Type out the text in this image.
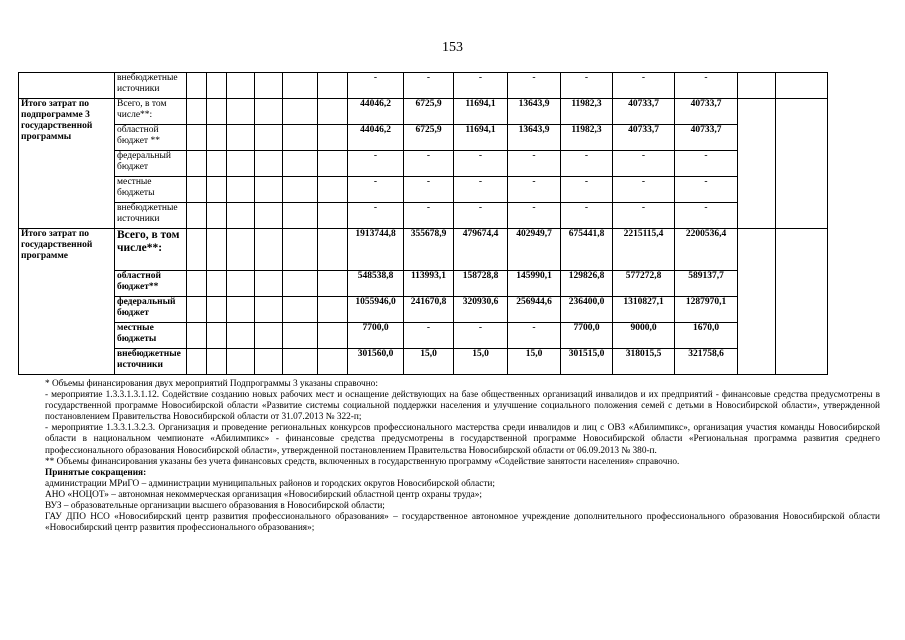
153
	внебюджетные источники							-	-	-	-	-	-	-		
Итого затрат по подпрограмме 3 государственной программы	Всего, в том числе**:							44046,2	6725,9	11694,1	13643,9	11982,3	40733,7	40733,7		
	областной бюджет **							44046,2	6725,9	11694,1	13643,9	11982,3	40733,7	40733,7		
	федеральный бюджет							-	-	-	-	-	-	-		
	местные бюджеты							-	-	-	-	-	-	-		
	внебюджетные источники							-	-	-	-	-	-	-		
Итого затрат по государственной программе	Всего, в том числе**:							1913744,8	355678,9	479674,4	402949,7	675441,8	2215115,4	2200536,4		
	областной бюджет**							548538,8	113993,1	158728,8	145990,1	129826,8	577272,8	589137,7		
	федеральный бюджет							1055946,0	241670,8	320930,6	256944,6	236400,0	1310827,1	1287970,1		
	местные бюджеты							7700,0	-	-	-	7700,0	9000,0	1670,0		
	внебюджетные источники							301560,0	15,0	15,0	15,0	301515,0	318015,5	321758,6		

* Объемы финансирования двух мероприятий Подпрограммы 3 указаны справочно:

- мероприятие 1.3.3.1.3.1.12. Содействие созданию новых рабочих мест и оснащение действующих на базе общественных организаций инвалидов и их предприятий - финансовые средства предусмотрены в государственной программе Новосибирской области «Развитие системы социальной поддержки населения и улучшение социального положения семей с детьми в Новосибирской области», утвержденной постановлением Правительства Новосибирской области от 31.07.2013 № 322-п;

- мероприятие 1.3.3.1.3.2.3. Организация и проведение региональных конкурсов профессионального мастерства среди инвалидов и лиц с ОВЗ «Абилимпикс», организация участия команды Новосибирской области в национальном чемпионате «Абилимпикс» - финансовые средства предусмотрены в государственной программе Новосибирской области «Региональная программа развития среднего профессионального образования Новосибирской области», утвержденной постановлением Правительства Новосибирской области от 06.09.2013 № 380-п.

** Объемы финансирования указаны без учета финансовых средств, включенных в государственную программу «Содействие занятости населения» справочно.

Принятые сокращения:

администрации МРиГО – администрации муниципальных районов и городских округов Новосибирской области;

АНО «НОЦОТ» – автономная некоммерческая организация «Новосибирский областной центр охраны труда»;

ВУЗ – образовательные организации высшего образования в Новосибирской области;

ГАУ ДПО НСО «Новосибирский центр развития профессионального образования» – государственное автономное учреждение дополнительного профессионального образования Новосибирской области «Новосибирский центр развития профессионального образования»;
